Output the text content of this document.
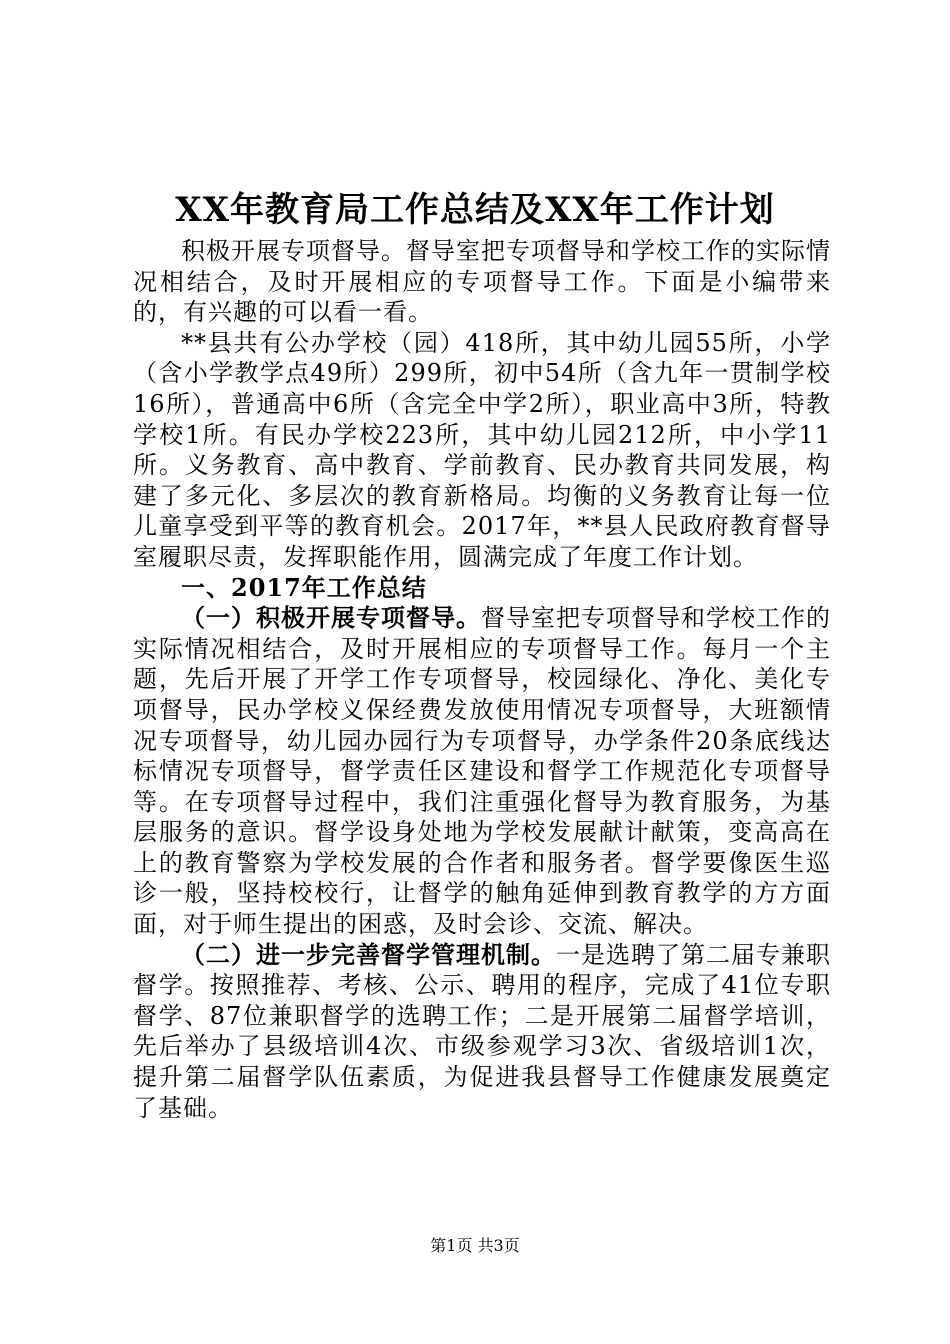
XX年教育局工作总结及XX年工作计划

积极开展专项督导。督导室把专项督导和学校工作的实际情况相结合，及时开展相应的专项督导工作。下面是小编带来的，有兴趣的可以看一看。

**县共有公办学校（园）418所，其中幼儿园55所，小学（含小学教学点49所）299所，初中54所（含九年一贯制学校16所），普通高中6所（含完全中学2所），职业高中3所，特教学校1所。有民办学校223所，其中幼儿园212所，中小学11所。义务教育、高中教育、学前教育、民办教育共同发展，构建了多元化、多层次的教育新格局。均衡的义务教育让每一位儿童享受到平等的教育机会。2017年，**县人民政府教育督导室履职尽责，发挥职能作用，圆满完成了年度工作计划。

一、2017年工作总结

（一）积极开展专项督导。督导室把专项督导和学校工作的实际情况相结合，及时开展相应的专项督导工作。每月一个主题，先后开展了开学工作专项督导，校园绿化、净化、美化专项督导，民办学校义保经费发放使用情况专项督导，大班额情况专项督导，幼儿园办园行为专项督导，办学条件20条底线达标情况专项督导，督学责任区建设和督学工作规范化专项督导等。在专项督导过程中，我们注重强化督导为教育服务，为基层服务的意识。督学设身处地为学校发展献计献策，变高高在上的教育警察为学校发展的合作者和服务者。督学要像医生巡诊一般，坚持校校行，让督学的触角延伸到教育教学的方方面面，对于师生提出的困惑，及时会诊、交流、解决。

（二）进一步完善督学管理机制。一是选聘了第二届专兼职督学。按照推荐、考核、公示、聘用的程序，完成了41位专职督学、87位兼职督学的选聘工作；二是开展第二届督学培训，先后举办了县级培训4次、市级参观学习3次、省级培训1次，提升第二届督学队伍素质，为促进我县督导工作健康发展奠定了基础。

第1页 共3页
